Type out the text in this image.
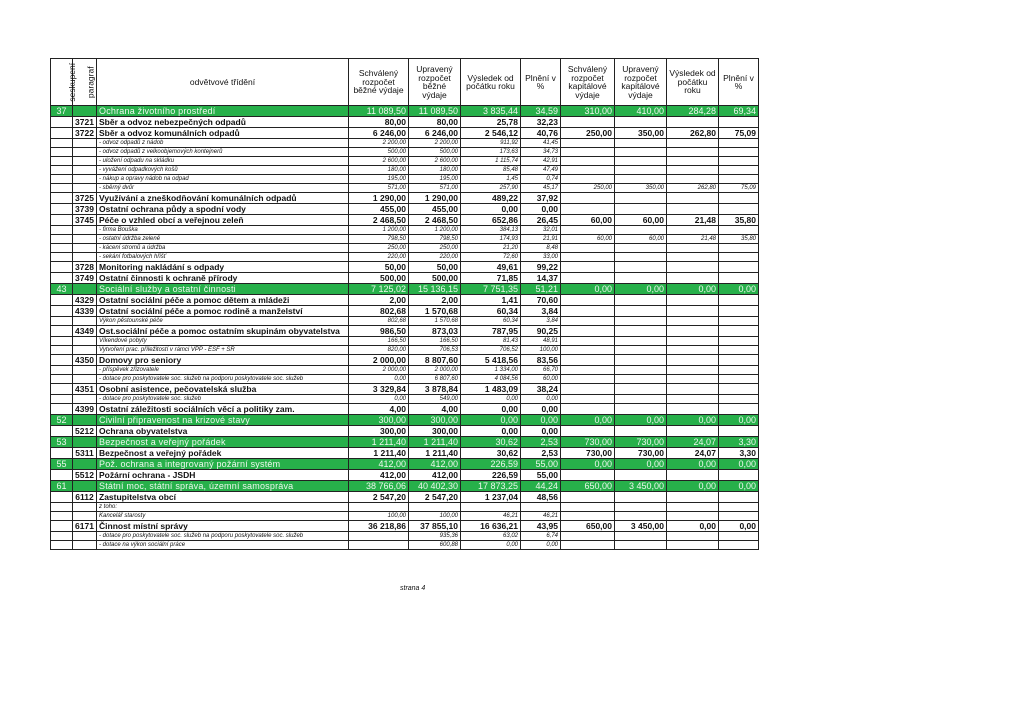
seskupení	paragraf	odvětvové třídění	Schválený rozpočet běžné výdaje	Upravený rozpočet běžné výdaje	Výsledek od počátku roku	Plnění v %	Schválený rozpočet kapitálové výdaje	Upravený rozpočet kapitálové výdaje	Výsledek od počátku roku	Plnění v %
37		Ochrana životního prostředí	11 089,50	11 089,50	3 835,44	34,59	310,00	410,00	284,28	69,34
	3721	Sběr a odvoz nebezpečných odpadů	80,00	80,00	25,78	32,23				
	3722	Sběr a odvoz komunálních odpadů	6 246,00	6 246,00	2 546,12	40,76	250,00	350,00	262,80	75,09
		- odvoz odpadů z nádob	2 200,00	2 200,00	911,92	41,45				
		- odvoz odpadů z velkoobjemových kontejnerů	500,00	500,00	173,63	34,73				
		- uložení odpadu na skládku	2 600,00	2 600,00	1 115,74	42,91				
		- vyvážení odpadkových košů	180,00	180,00	85,48	47,49				
		- nákup a opravy nádob na odpad	195,00	195,00	1,45	0,74				
		- sběrný dvůr	571,00	571,00	257,90	45,17	250,00	350,00	262,80	75,09
	3725	Využívání a zneškodňování komunálních odpadů	1 290,00	1 290,00	489,22	37,92				
	3739	Ostatní ochrana půdy a spodní vody	455,00	455,00	0,00	0,00				
	3745	Péče o vzhled obcí a veřejnou zeleň	2 468,50	2 468,50	652,86	26,45	60,00	60,00	21,48	35,80
		- firma Bouška	1 200,00	1 200,00	384,13	32,01				
		- ostatní údržba zeleně	798,50	798,50	174,93	21,91	60,00	60,00	21,48	35,80
		- kácení stromů a údržba	250,00	250,00	21,20	8,48				
		- sekání fotbalových hřišť	220,00	220,00	72,60	33,00				
	3728	Monitoring nakládání s odpady	50,00	50,00	49,61	99,22				
	3749	Ostatní činnosti k ochraně přírody	500,00	500,00	71,85	14,37				
43		Sociální služby a ostatní činnosti	7 125,02	15 136,15	7 751,35	51,21	0,00	0,00	0,00	0,00
	4329	Ostatní sociální péče a pomoc dětem a mládeži	2,00	2,00	1,41	70,60				
	4339	Ostatní sociální péče a pomoc rodině a manželství	802,68	1 570,68	60,34	3,84				
		Výkon pěstounské péče	802,68	1 570,68	60,34	3,84				
	4349	Ost.sociální péče a pomoc ostatním skupinám obyvatelstva	986,50	873,03	787,95	90,25				
		Víkendové pobyty	166,50	166,50	81,43	48,91				
		Vytvoření prac. příležitostí v rámci VPP - ESF + SR	820,00	706,53	706,52	100,00				
	4350	Domovy pro seniory	2 000,00	8 807,60	5 418,56	83,56				
		- příspěvek zřizovatele	2 000,00	2 000,00	1 334,00	66,70				
		- dotace pro poskytovatele soc. služeb na podporu poskytovatele soc. služeb	0,00	6 807,60	4 084,56	60,00				
	4351	Osobní asistence, pečovatelská služba	3 329,84	3 878,84	1 483,09	38,24				
		- dotace pro poskytovatele soc. služeb	0,00	549,00	0,00	0,00				
	4399	Ostatní záležitosti sociálních věcí a politiky zam.	4,00	4,00	0,00	0,00				
52		Civilní připravenost na krizové stavy	300,00	300,00	0,00	0,00	0,00	0,00	0,00	0,00
	5212	Ochrana obyvatelstva	300,00	300,00	0,00	0,00				
53		Bezpečnost a veřejný pořádek	1 211,40	1 211,40	30,62	2,53	730,00	730,00	24,07	3,30
	5311	Bezpečnost a veřejný pořádek	1 211,40	1 211,40	30,62	2,53	730,00	730,00	24,07	3,30
55		Pož. ochrana a integrovaný požární systém	412,00	412,00	226,59	55,00	0,00	0,00	0,00	0,00
	5512	Požární ochrana - JSDH	412,00	412,00	226,59	55,00				
61		Státní moc, státní správa, územní samospráva	38 766,06	40 402,30	17 873,25	44,24	650,00	3 450,00	0,00	0,00
	6112	Zastupitelstva obcí	2 547,20	2 547,20	1 237,04	48,56				
		z toho:								
		Kancelář starosty	100,00	100,00	46,21	46,21				
	6171	Činnost místní správy	36 218,86	37 855,10	16 636,21	43,95	650,00	3 450,00	0,00	0,00
		- dotace pro poskytovatele soc. služeb na podporu poskytovatele soc. služeb		935,36	63,02	6,74				
		- dotace na výkon sociální práce		600,88	0,00	0,00				
strana 4
